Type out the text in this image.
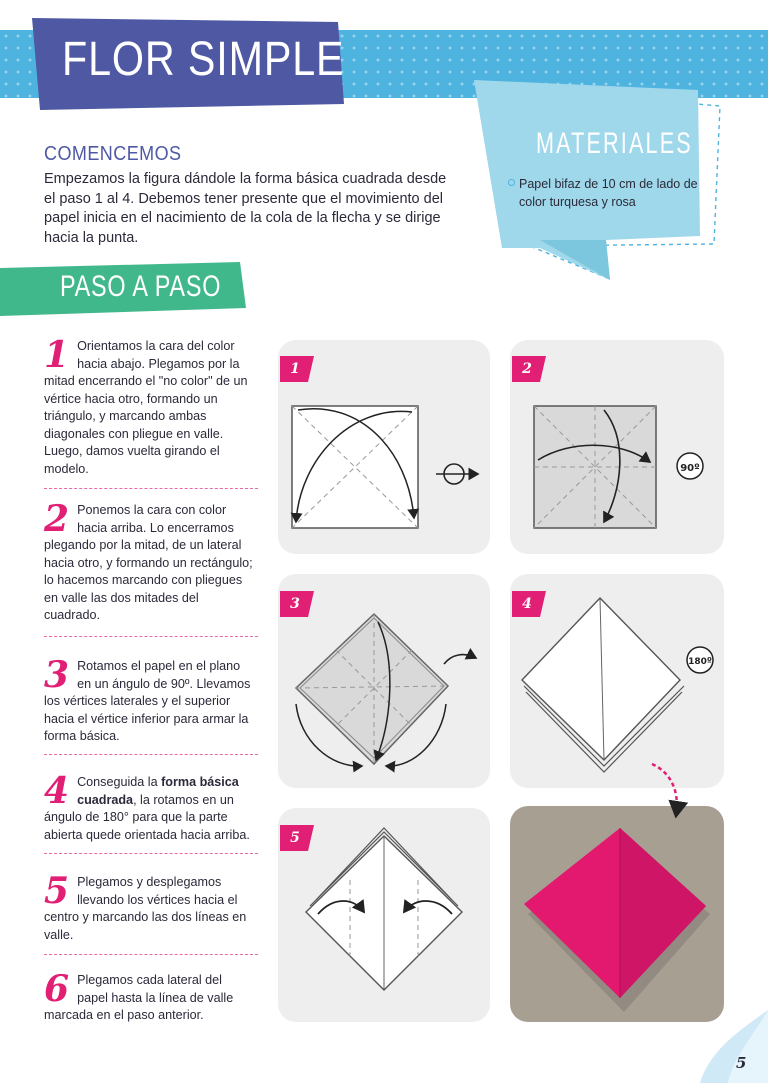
FLOR SIMPLE
MATERIALES
Papel bifaz de 10 cm de lado de color turquesa y rosa
COMENCEMOS
Empezamos la figura dándole la forma básica cuadrada desde el paso 1 al 4. Debemos tener presente que el movimiento del papel inicia en el nacimiento de la cola de la flecha y se dirige hacia la punta.
PASO A PASO
1 Orientamos la cara del color hacia abajo. Plegamos por la mitad encerrando el "no color" de un vértice hacia otro, formando un triángulo, y marcando ambas diagonales con pliegue en valle. Luego, damos vuelta girando el modelo.
2 Ponemos la cara con color hacia arriba. Lo encerramos plegando por la mitad, de un lateral hacia otro, y formando un rectángulo; lo hacemos marcando con pliegues en valle las dos mitades del cuadrado.
3 Rotamos el papel en el plano en un ángulo de 90º. Llevamos los vértices laterales y el superior hacia el vértice inferior para armar la forma básica.
4 Conseguida la forma básica cuadrada, la rotamos en un ángulo de 180° para que la parte abierta quede orientada hacia arriba.
5 Plegamos y desplegamos llevando los vértices hacia el centro y marcando las dos líneas en valle.
6 Plegamos cada lateral del papel hasta la línea de valle marcada en el paso anterior.
90º
180º
1	2
3	4
5
5
